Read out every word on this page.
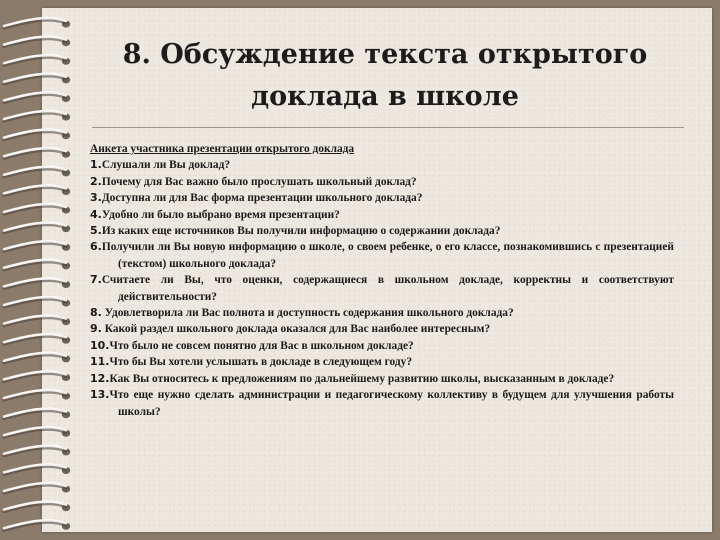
8. Обсуждение текста открытого
доклада в школе
Анкета участника презентации открытого доклада

1.Слушали ли Вы доклад?

2.Почему для Вас важно было прослушать школьный доклад?

3.Доступна ли для Вас форма презентации школьного доклада?

4.Удобно ли было выбрано время презентации?

5.Из каких еще источников Вы получили информацию о содержании доклада?

6.Получили ли Вы новую информацию о школе, о своем ребенке, о его классе, познакомившись с презентацией (текстом) школьного доклада?

7.Считаете ли Вы, что оценки, содержащиеся в школьном докладе, корректны и соответствуют действительности?

8. Удовлетворила ли Вас полнота и доступность содержания школьного доклада?

9. Какой раздел школьного доклада оказался для Вас наиболее интересным?

10.Что было не совсем понятно для Вас в школьном докладе?

11.Что бы Вы хотели услышать в докладе в следующем году?

12.Как Вы относитесь к предложениям по дальнейшему развитию школы, высказанным в докладе?

13.Что еще нужно сделать администрации и педагогическому коллективу в будущем для улучшения работы школы?
